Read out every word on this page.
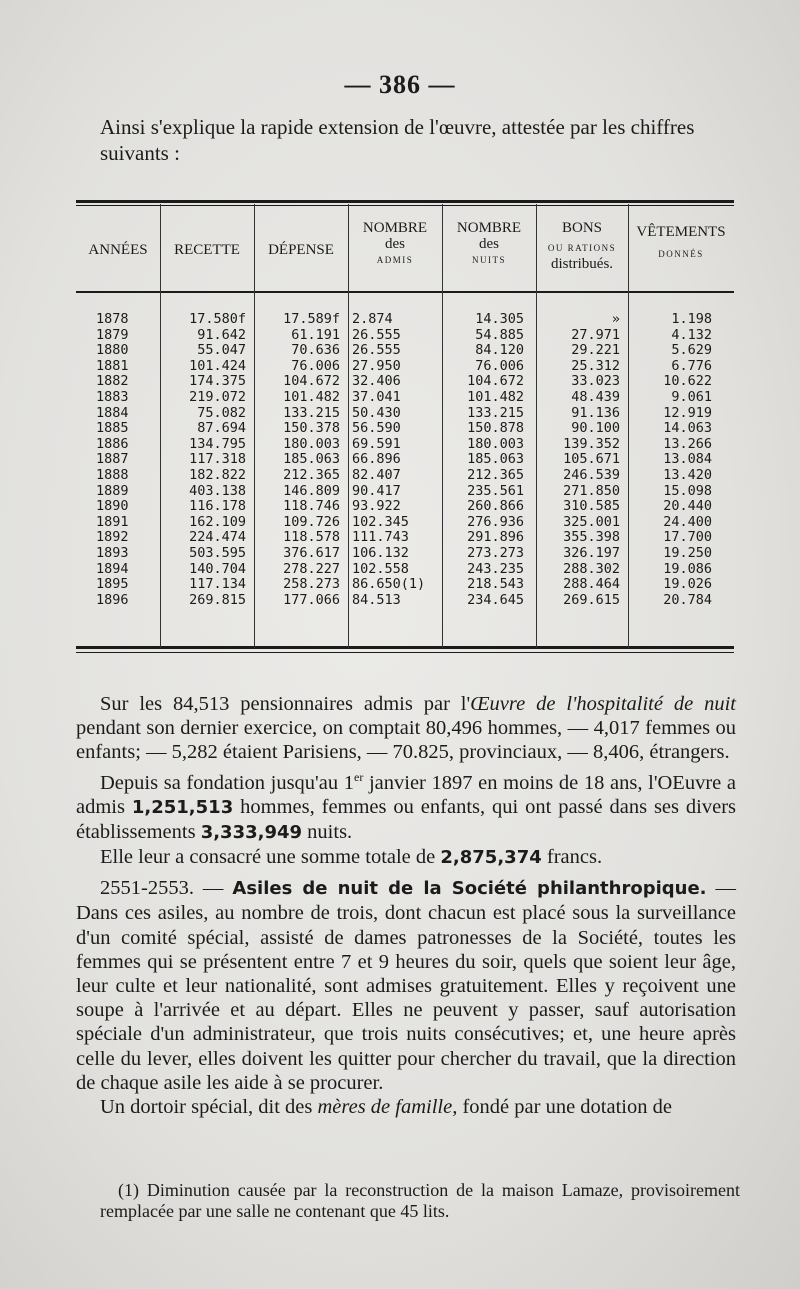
— 386 —
Ainsi s'explique la rapide extension de l'œuvre, attestée par les chiffres suivants :
ANNÉES	RECETTE	DÉPENSE
NOMBRE
des
ADMIS
NOMBRE
des
NUITS
BONS
OU RATIONS
distribués.
VÊTEMENTS
DONNÉS
1878
1879
1880
1881
1882
1883
1884
1885
1886
1887
1888
1889
1890
1891
1892
1893
1894
1895
1896
17.580f
91.642
55.047
101.424
174.375
219.072
75.082
87.694
134.795
117.318
182.822
403.138
116.178
162.109
224.474
503.595
140.704
117.134
269.815
17.589f
61.191
70.636
76.006
104.672
101.482
133.215
150.378
180.003
185.063
212.365
146.809
118.746
109.726
118.578
376.617
278.227
258.273
177.066
2.874
26.555
26.555
27.950
32.406
37.041
50.430
56.590
69.591
66.896
82.407
90.417
93.922
102.345
111.743
106.132
102.558
86.650(1)
84.513
14.305
54.885
84.120
76.006
104.672
101.482
133.215
150.878
180.003
185.063
212.365
235.561
260.866
276.936
291.896
273.273
243.235
218.543
234.645
»
27.971
29.221
25.312
33.023
48.439
91.136
90.100
139.352
105.671
246.539
271.850
310.585
325.001
355.398
326.197
288.302
288.464
269.615
1.198
4.132
5.629
6.776
10.622
9.061
12.919
14.063
13.266
13.084
13.420
15.098
20.440
24.400
17.700
19.250
19.086
19.026
20.784

Sur les 84,513 pensionnaires admis par l'Œuvre de l'hospitalité de nuit pendant son dernier exercice, on comptait 80,496 hommes, — 4,017 femmes ou enfants; — 5,282 étaient Parisiens, — 70.825, provinciaux, — 8,406, étrangers.

Depuis sa fondation jusqu'au 1er janvier 1897 en moins de 18 ans, l'OEuvre a admis 1,251,513 hommes, femmes ou enfants, qui ont passé dans ses divers établissements 3,333,949 nuits.

Elle leur a consacré une somme totale de 2,875,374 francs.

2551-2553. — Asiles de nuit de la Société philanthropique. — Dans ces asiles, au nombre de trois, dont chacun est placé sous la surveillance d'un comité spécial, assisté de dames patronesses de la Société, toutes les femmes qui se présentent entre 7 et 9 heures du soir, quels que soient leur âge, leur culte et leur nationalité, sont admises gratuitement. Elles y reçoivent une soupe à l'arrivée et au départ. Elles ne peuvent y passer, sauf autorisation spéciale d'un administrateur, que trois nuits consécutives; et, une heure après celle du lever, elles doivent les quitter pour chercher du travail, que la direction de chaque asile les aide à se procurer.

Un dortoir spécial, dit des mères de famille, fondé par une dotation de

(1) Diminution causée par la reconstruction de la maison Lamaze, provisoirement remplacée par une salle ne contenant que 45 lits.
